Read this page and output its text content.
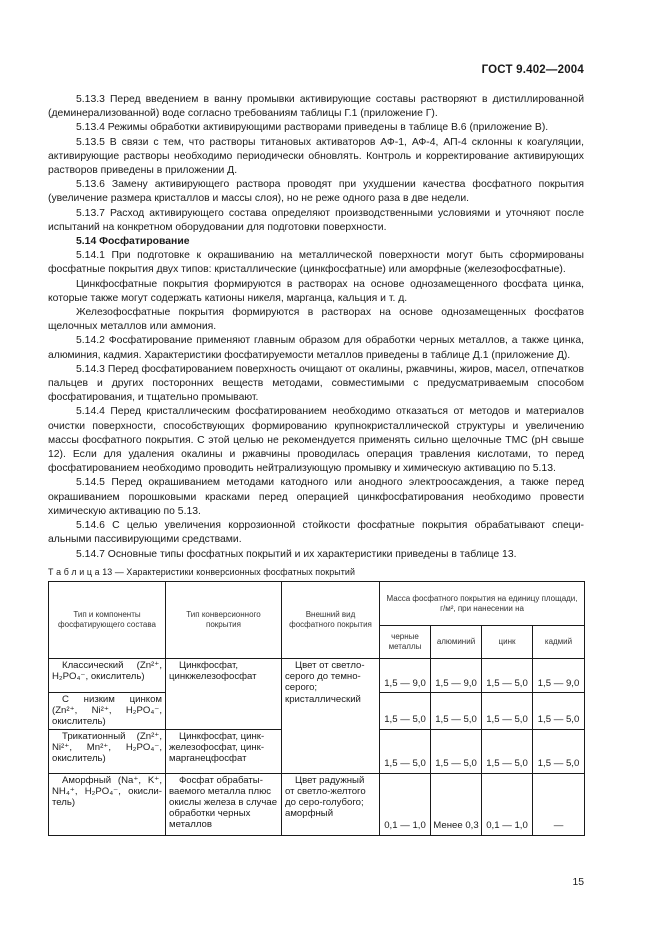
ГОСТ 9.402—2004

5.13.3 Перед введением в ванну промывки активирующие составы растворяют в дистиллированной (деминерализованной) воде согласно требованиям таблицы Г.1 (приложение Г).

5.13.4 Режимы обработки активирующими растворами приведены в таблице В.6 (приложение В).

5.13.5 В связи с тем, что растворы титановых активаторов АФ-1, АФ-4, АП-4 склонны к коагуляции, активирующие растворы необходимо периодически обновлять. Контроль и корректирование активирующих растворов приведены в приложении Д.

5.13.6 Замену активирующего раствора проводят при ухудшении качества фосфатного покрытия (увеличение размера кристаллов и массы слоя), но не реже одного раза в две недели.

5.13.7 Расход активирующего состава определяют производственными условиями и уточняют после испытаний на конкретном оборудовании для подготовки поверхности.

5.14 Фосфатирование

5.14.1 При подготовке к окрашиванию на металлической поверхности могут быть сформированы фосфатные покрытия двух типов: кристаллические (цинкфосфатные) или аморфные (железофосфатные).

Цинкфосфатные покрытия формируются в растворах на основе однозамещенного фосфата цинка, которые также могут содержать катионы никеля, марганца, кальция и т. д.

Железофосфатные покрытия формируются в растворах на основе однозамещенных фосфатов щелочных металлов или аммония.

5.14.2 Фосфатирование применяют главным образом для обработки черных металлов, а также цинка, алюминия, кадмия. Характеристики фосфатируемости металлов приведены в таблице Д.1 (приложение Д).

5.14.3 Перед фосфатированием поверхность очищают от окалины, ржавчины, жиров, масел, отпечатков пальцев и других посторонних веществ методами, совместимыми с предусматриваемым способом фосфатирования, и тщательно промывают.

5.14.4 Перед кристаллическим фосфатированием необходимо отказаться от методов и материалов очистки поверхности, способствующих формированию крупнокристаллической структуры и увеличению массы фосфатного покрытия. С этой целью не рекомендуется применять сильно щелочные ТМС (рН свыше 12). Если для удаления окалины и ржавчины проводилась операция травления кислотами, то перед фосфатированием необходимо проводить нейтрализующую промывку и химическую активацию по 5.13.

5.14.5 Перед окрашиванием методами катодного или анодного электроосаждения, а также перед окрашиванием порошковыми красками перед операцией цинкфосфатирования необходимо провести химическую активацию по 5.13.

5.14.6 С целью увеличения коррозионной стойкости фосфатные покрытия обрабатывают специальными пассивирующими средствами.

5.14.7 Основные типы фосфатных покрытий и их характеристики приведены в таблице 13.

Т а б л и ц а 13 — Характеристики конверсионных фосфатных покрытий
Тип и компоненты фосфатирующего состава	Тип конверсионного покрытия	Внешний вид фосфатного покрытия	Масса фосфатного покрытия на единицу площади, г/м², при нанесении на			
			черные металлы	алюминий	цинк	кадмий

Классический (Zn²⁺, H₂PO₄⁻, окислитель)	Цинкфосфат, цинкжелезофосфат	Цвет от светлосерого до темносерого; кристаллический	1,5 — 9,0	1,5 — 9,0	1,5 — 5,0	1,5 — 9,0

С низким цинком (Zn²⁺, Ni²⁺, H₂PO₄⁻, окислитель)			1,5 — 5,0	1,5 — 5,0	1,5 — 5,0	1,5 — 5,0

Трикатионный (Zn²⁺, Ni²⁺, Mn²⁺, H₂PO₄⁻, окислитель)	Цинкфосфат, цинкжелезофосфат, цинкмарганецфосфат		1,5 — 5,0	1,5 — 5,0	1,5 — 5,0	1,5 — 5,0

Аморфный (Na⁺, K⁺, NH₄⁺, H₂PO₄⁻, окислитель)	Фосфат обрабатываемого металла плюс окислы железа в случае обработки черных металлов	Цвет радужный от светло-желтого до серо-голубого; аморфный	0,1 — 1,0	Менее 0,3	0,1 — 1,0	—
15
